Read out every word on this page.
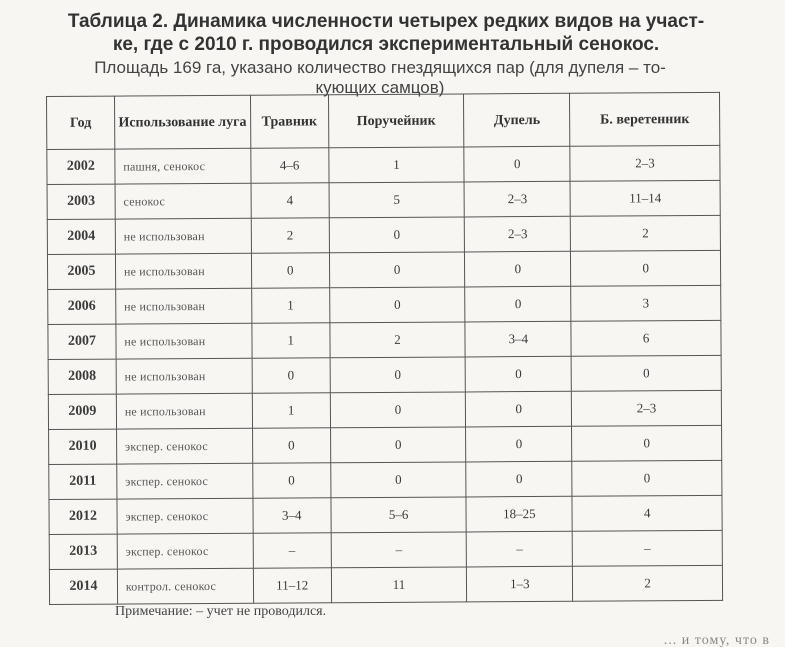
Таблица 2. Динамика численности четырех редких видов на участ-
ке, где с 2010 г. проводился экспериментальный сенокос.
Площадь 169 га, указано количество гнездящихся пар (для дупеля – то-
кующих самцов)
Год	Использование луга	Травник	Поручейник	Дупель	Б. веретенник
2002	пашня, сенокос	4–6	1	0	2–3
2003	сенокос	4	5	2–3	11–14
2004	не использован	2	0	2–3	2
2005	не использован	0	0	0	0
2006	не использован	1	0	0	3
2007	не использован	1	2	3–4	6
2008	не использован	0	0	0	0
2009	не использован	1	0	0	2–3
2010	экспер. сенокос	0	0	0	0
2011	экспер. сенокос	0	0	0	0
2012	экспер. сенокос	3–4	5–6	18–25	4
2013	экспер. сенокос	–	–	–	–
2014	контрол. сенокос	11–12	11	1–3	2
Примечание: – учет не проводился.
... и тому, что в
